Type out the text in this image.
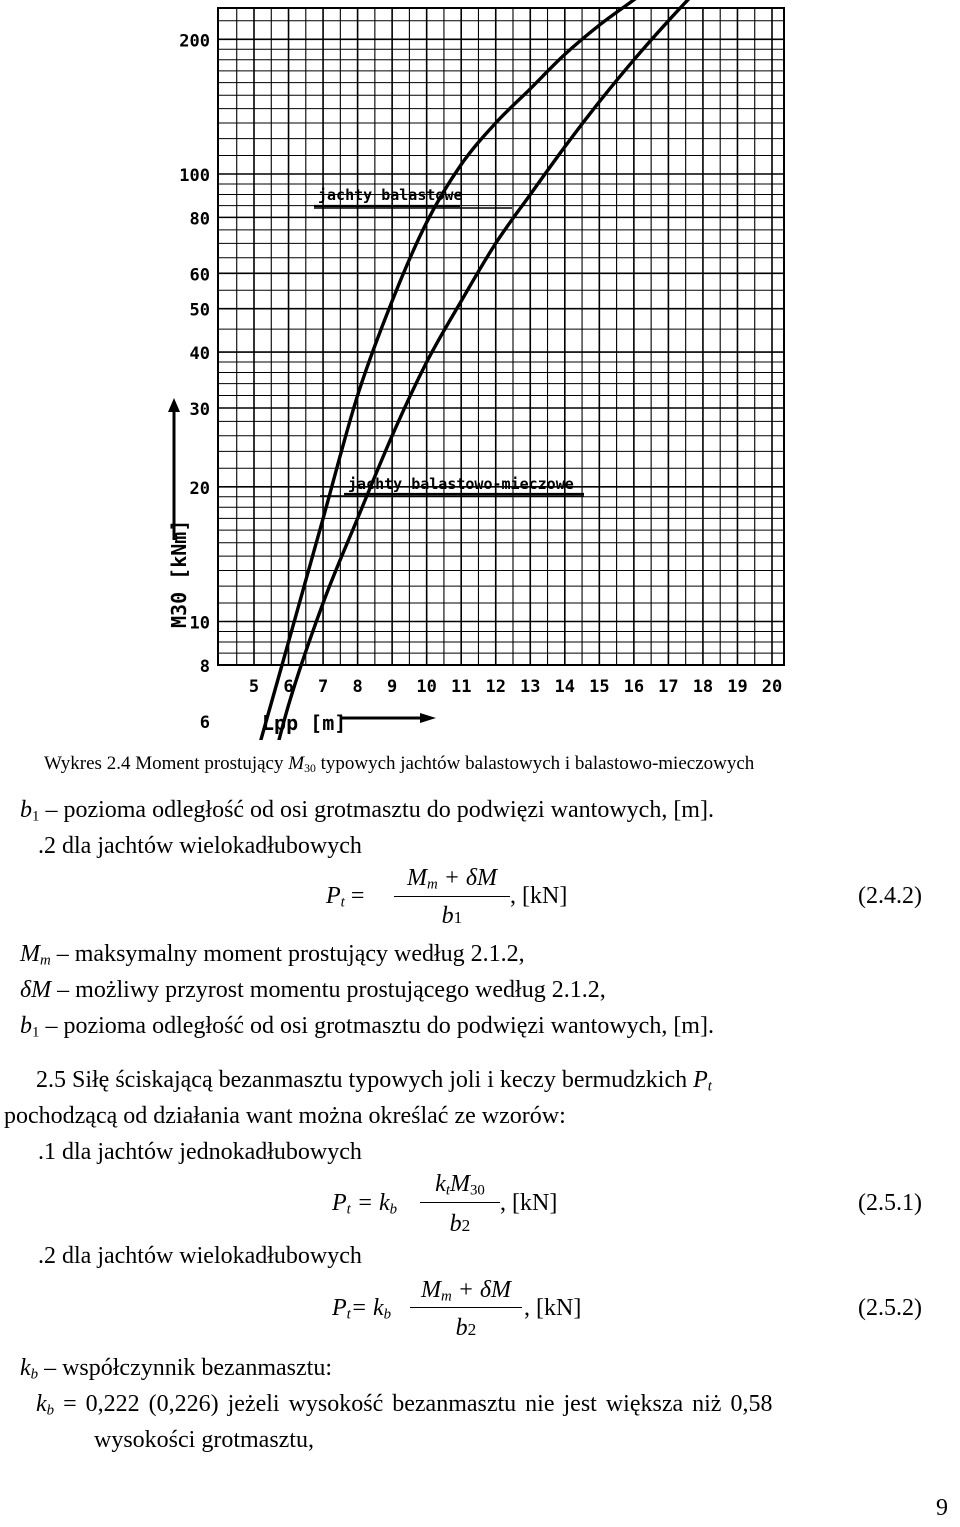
200
100
80
60
50
40
30
20
10
8
6
5 6 7 8 9 10 11 12 13 14 15 16 17 18 19 20
jachty balastowe
jachty balastowo-mieczowe
M30 [kNm]
Lpp [m]
Wykres 2.4 Moment prostujący $M_{30}$ typowych jachtów balastowych i balastowo-mieczowych
$b_1$ – pozioma odległość od osi grotmasztu do podwięzi wantowych, [m].
.2 dla jachtów wielokadłubowych
$P_t$ =
$M_m + \delta M$
b1
, [kN]	(2.4.2)
$M_m$ – maksymalny moment prostujący według 2.1.2,
δM – możliwy przyrost momentu prostującego według 2.1.2,
$b_1$ – pozioma odległość od osi grotmasztu do podwięzi wantowych, [m].
2.5 Siłę ściskającą bezanmasztu typowych joli i keczy bermudzkich $P_t$
pochodzącą od działania want można określać ze wzorów:
.1 dla jachtów jednokadłubowych
$P_t = k_b$
$k_tM_{30}$
b2
, [kN]	(2.5.1)
.2 dla jachtów wielokadłubowych
$P_t= k_b$
$M_m + \delta M$
b2
, [kN]	(2.5.2)
$k_b$ – współczynnik bezanmasztu:
$k_b = 0,222$ (0,226) jeżeli wysokość bezanmasztu nie jest większa niż 0,58
wysokości grotmasztu,
9
